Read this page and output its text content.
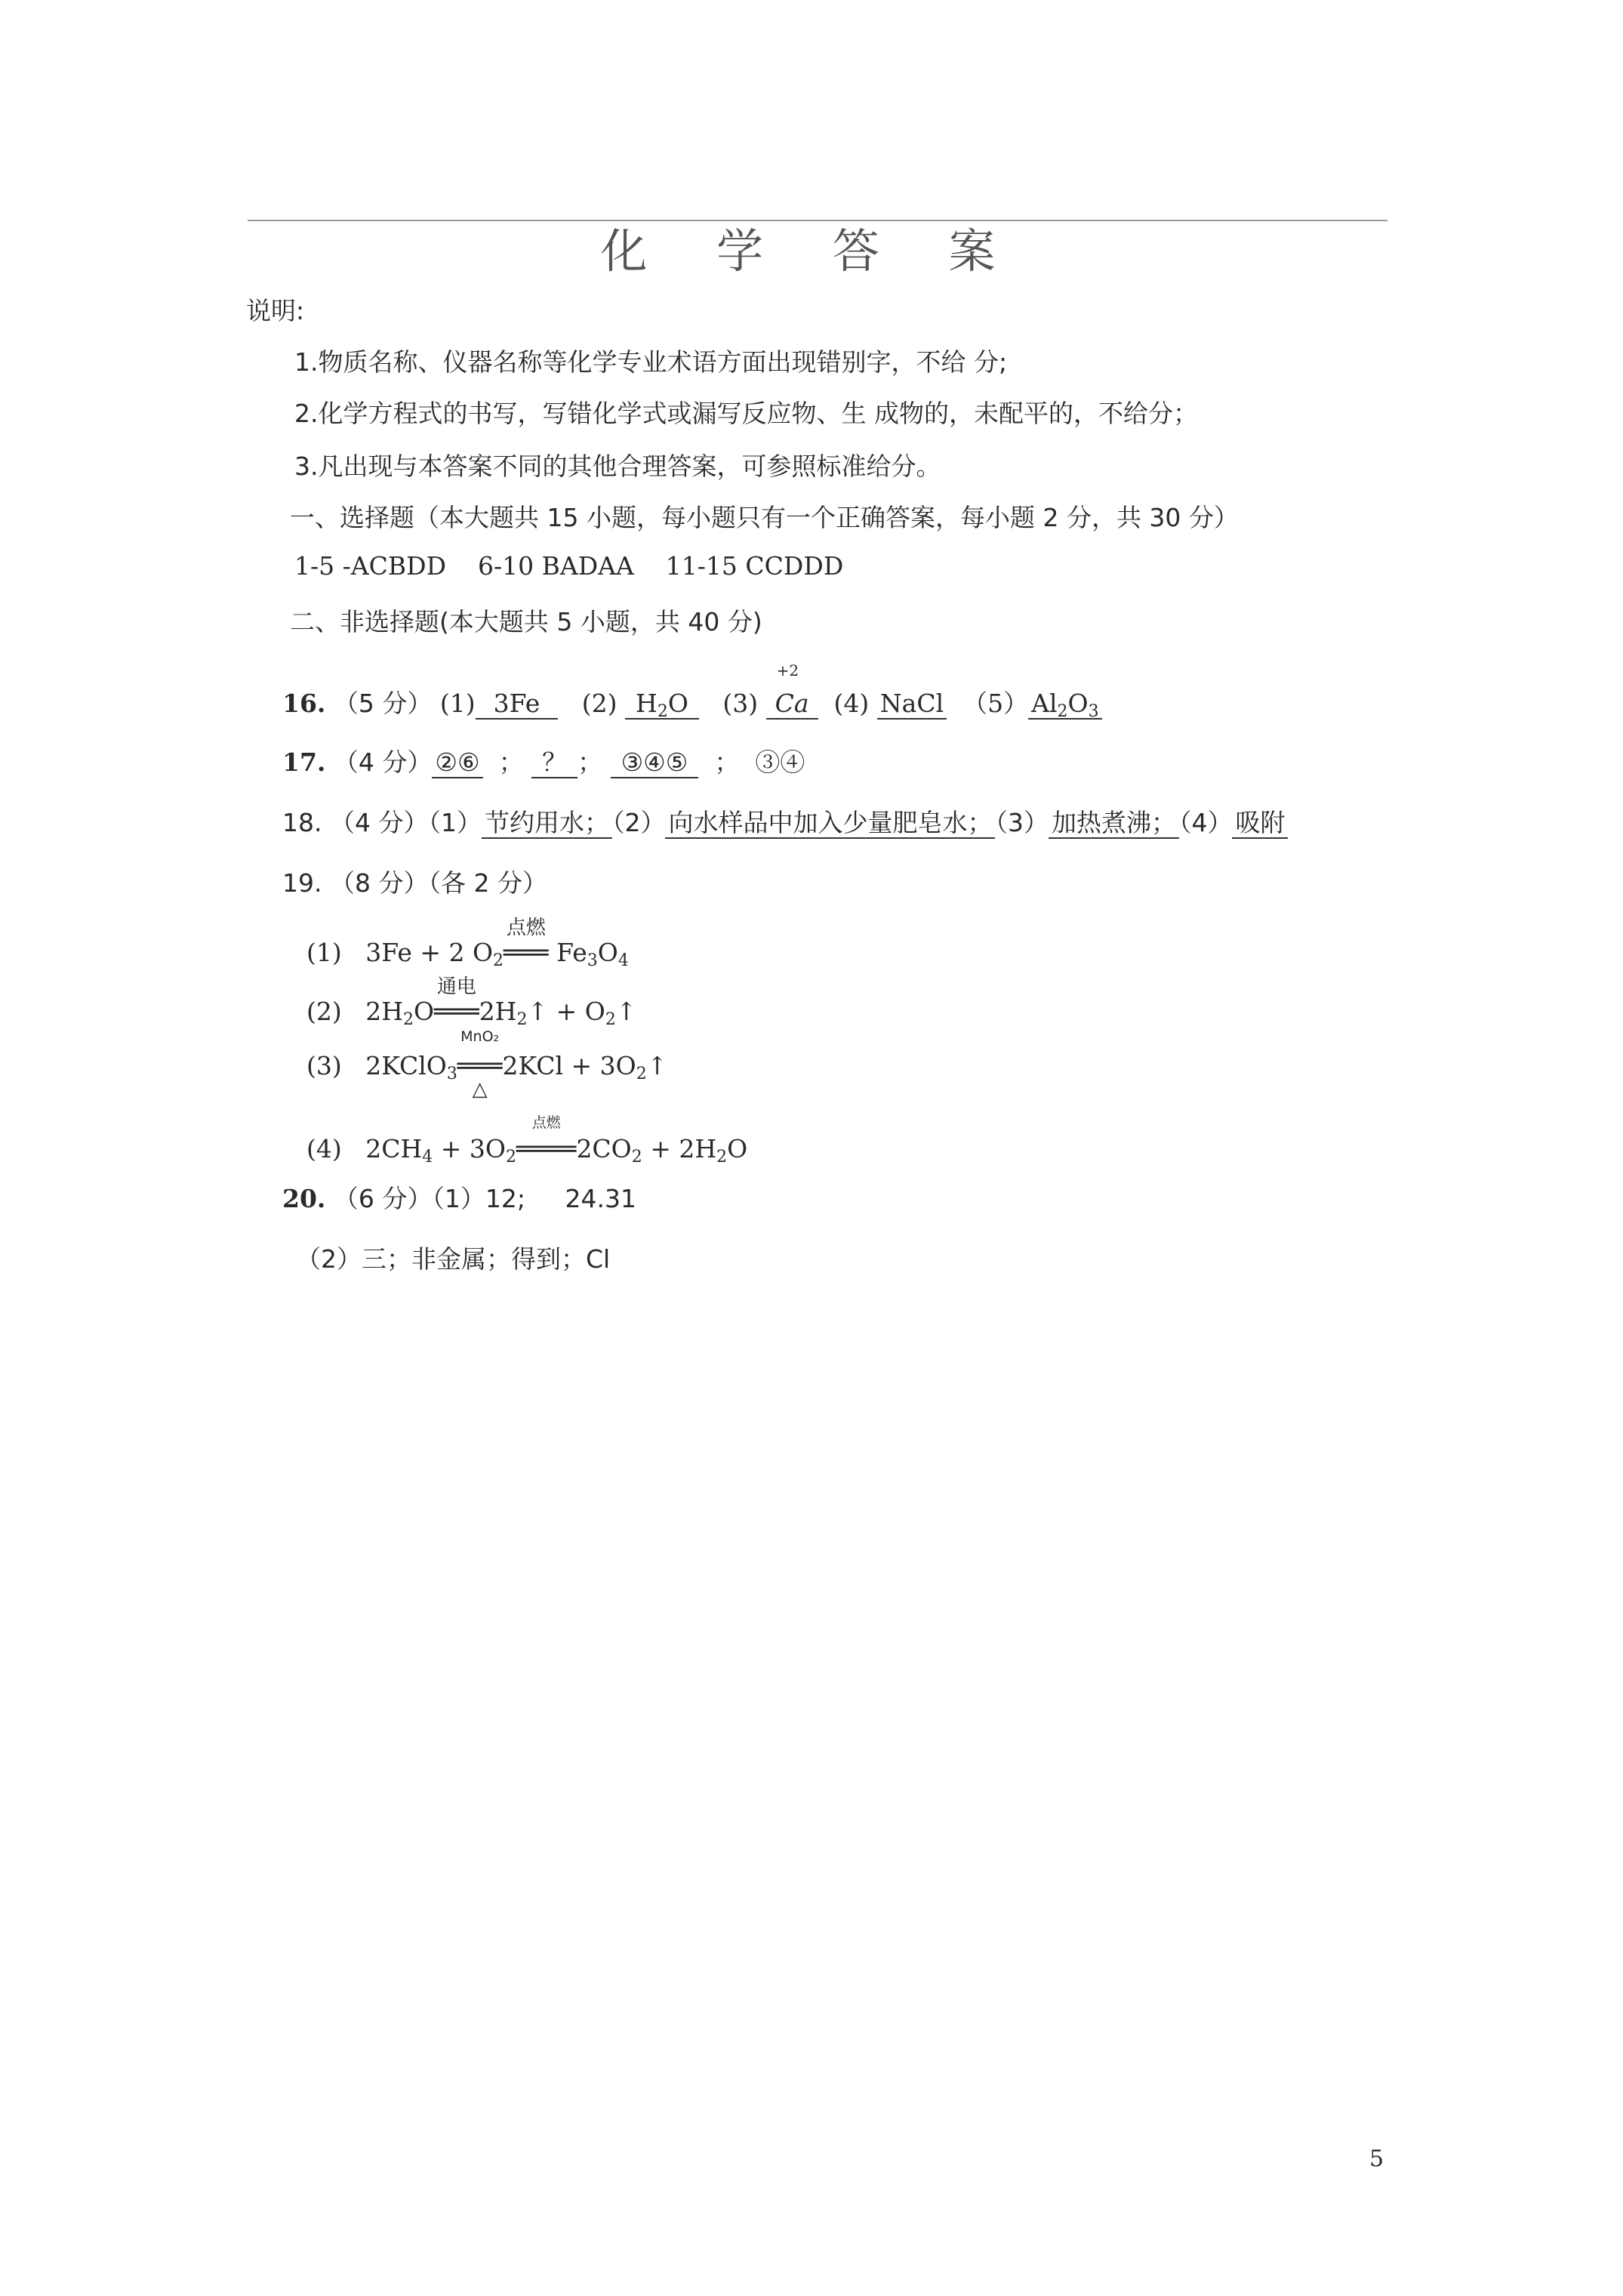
化 学 答 案
说明:
1.物质名称、仪器名称等化学专业术语方面出现错别字，不给 分;
2.化学方程式的书写，写错化学式或漏写反应物、生 成物的，未配平的，不给分；
3.凡出现与本答案不同的其他合理答案，可参照标准给分。
一、选择题（本大题共 15 小题，每小题只有一个正确答案，每小题 2 分，共 30 分）
1-5 -ACBDD    6-10 BADAA    11-15 CCDDD
二、非选择题(本大题共 5 小题，共 40 分)
16. （5 分） (1) 3Fe (2) $H_2O$ (3)
+2
Ca (4) NaCl （5） $Al_2O_3$
17. （4 分） ②⑥ ； ？ ； ③④⑤ ； ③④
18. （4 分）（1） 节约用水； （2） 向水样品中加入少量肥皂水； （3） 加热煮沸； （4） 吸附
19. （8 分）（各 2 分）
(1) 3Fe + 2 $O_2$
点燃
═══ $Fe_3O_4$
(2) $2H_2O$
通电
$═══2H_2↑$ + $O_2↑$
(3) 2KClO$_3$
MnO₂
═══
△
$2KCl + 3O_2↑$
(4) $2CH_4 + 3O_2$
点燃
$════2CO_2 + 2H_2O$
20. （6 分）（1）12;     24.31
（2）三；非金属；得到；Cl
5
